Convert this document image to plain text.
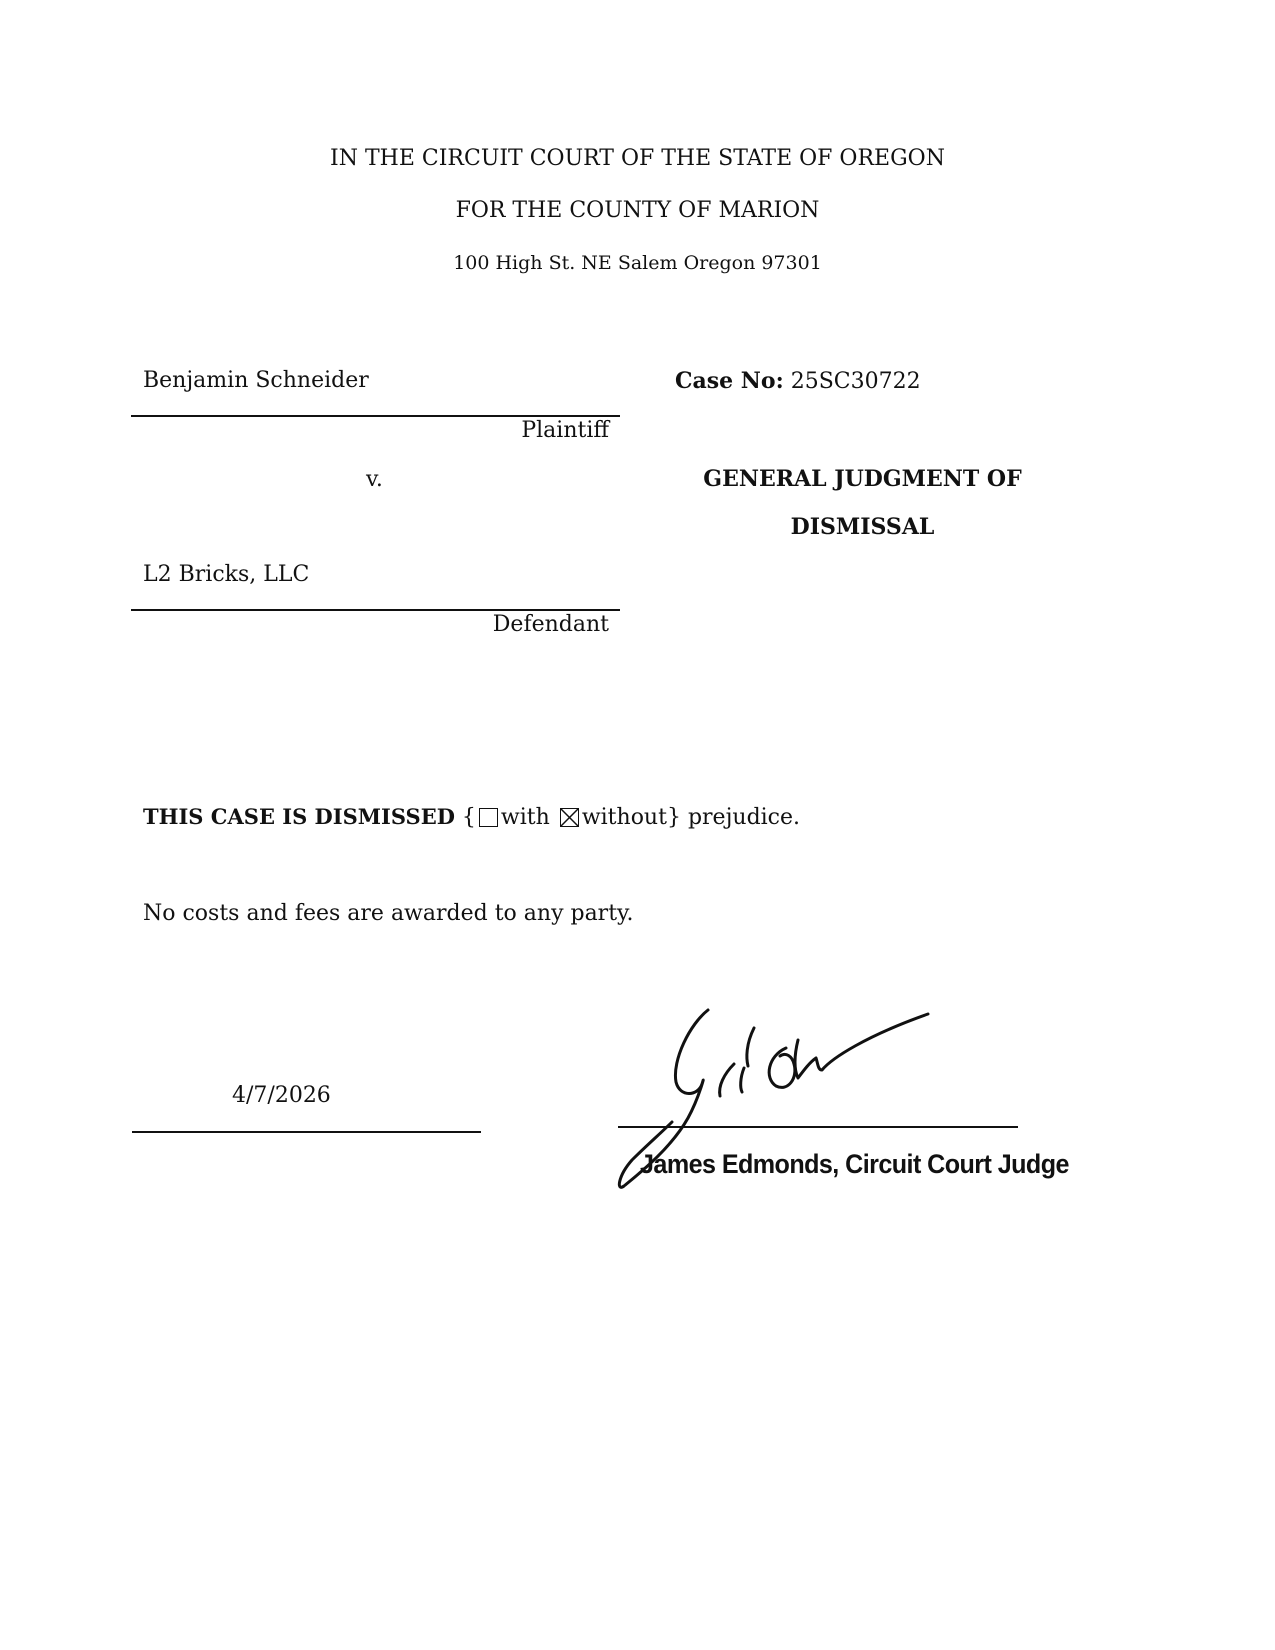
IN THE CIRCUIT COURT OF THE STATE OF OREGON
FOR THE COUNTY OF MARION
100 High St. NE Salem Oregon 97301
Benjamin Schneider
Plaintiff
v.
L2 Bricks, LLC
Defendant
Case No: 25SC30722
GENERAL JUDGMENT OF
DISMISSAL
THIS CASE IS DISMISSED { with without} prejudice.
No costs and fees are awarded to any party.
4/7/2026
James Edmonds, Circuit Court Judge
